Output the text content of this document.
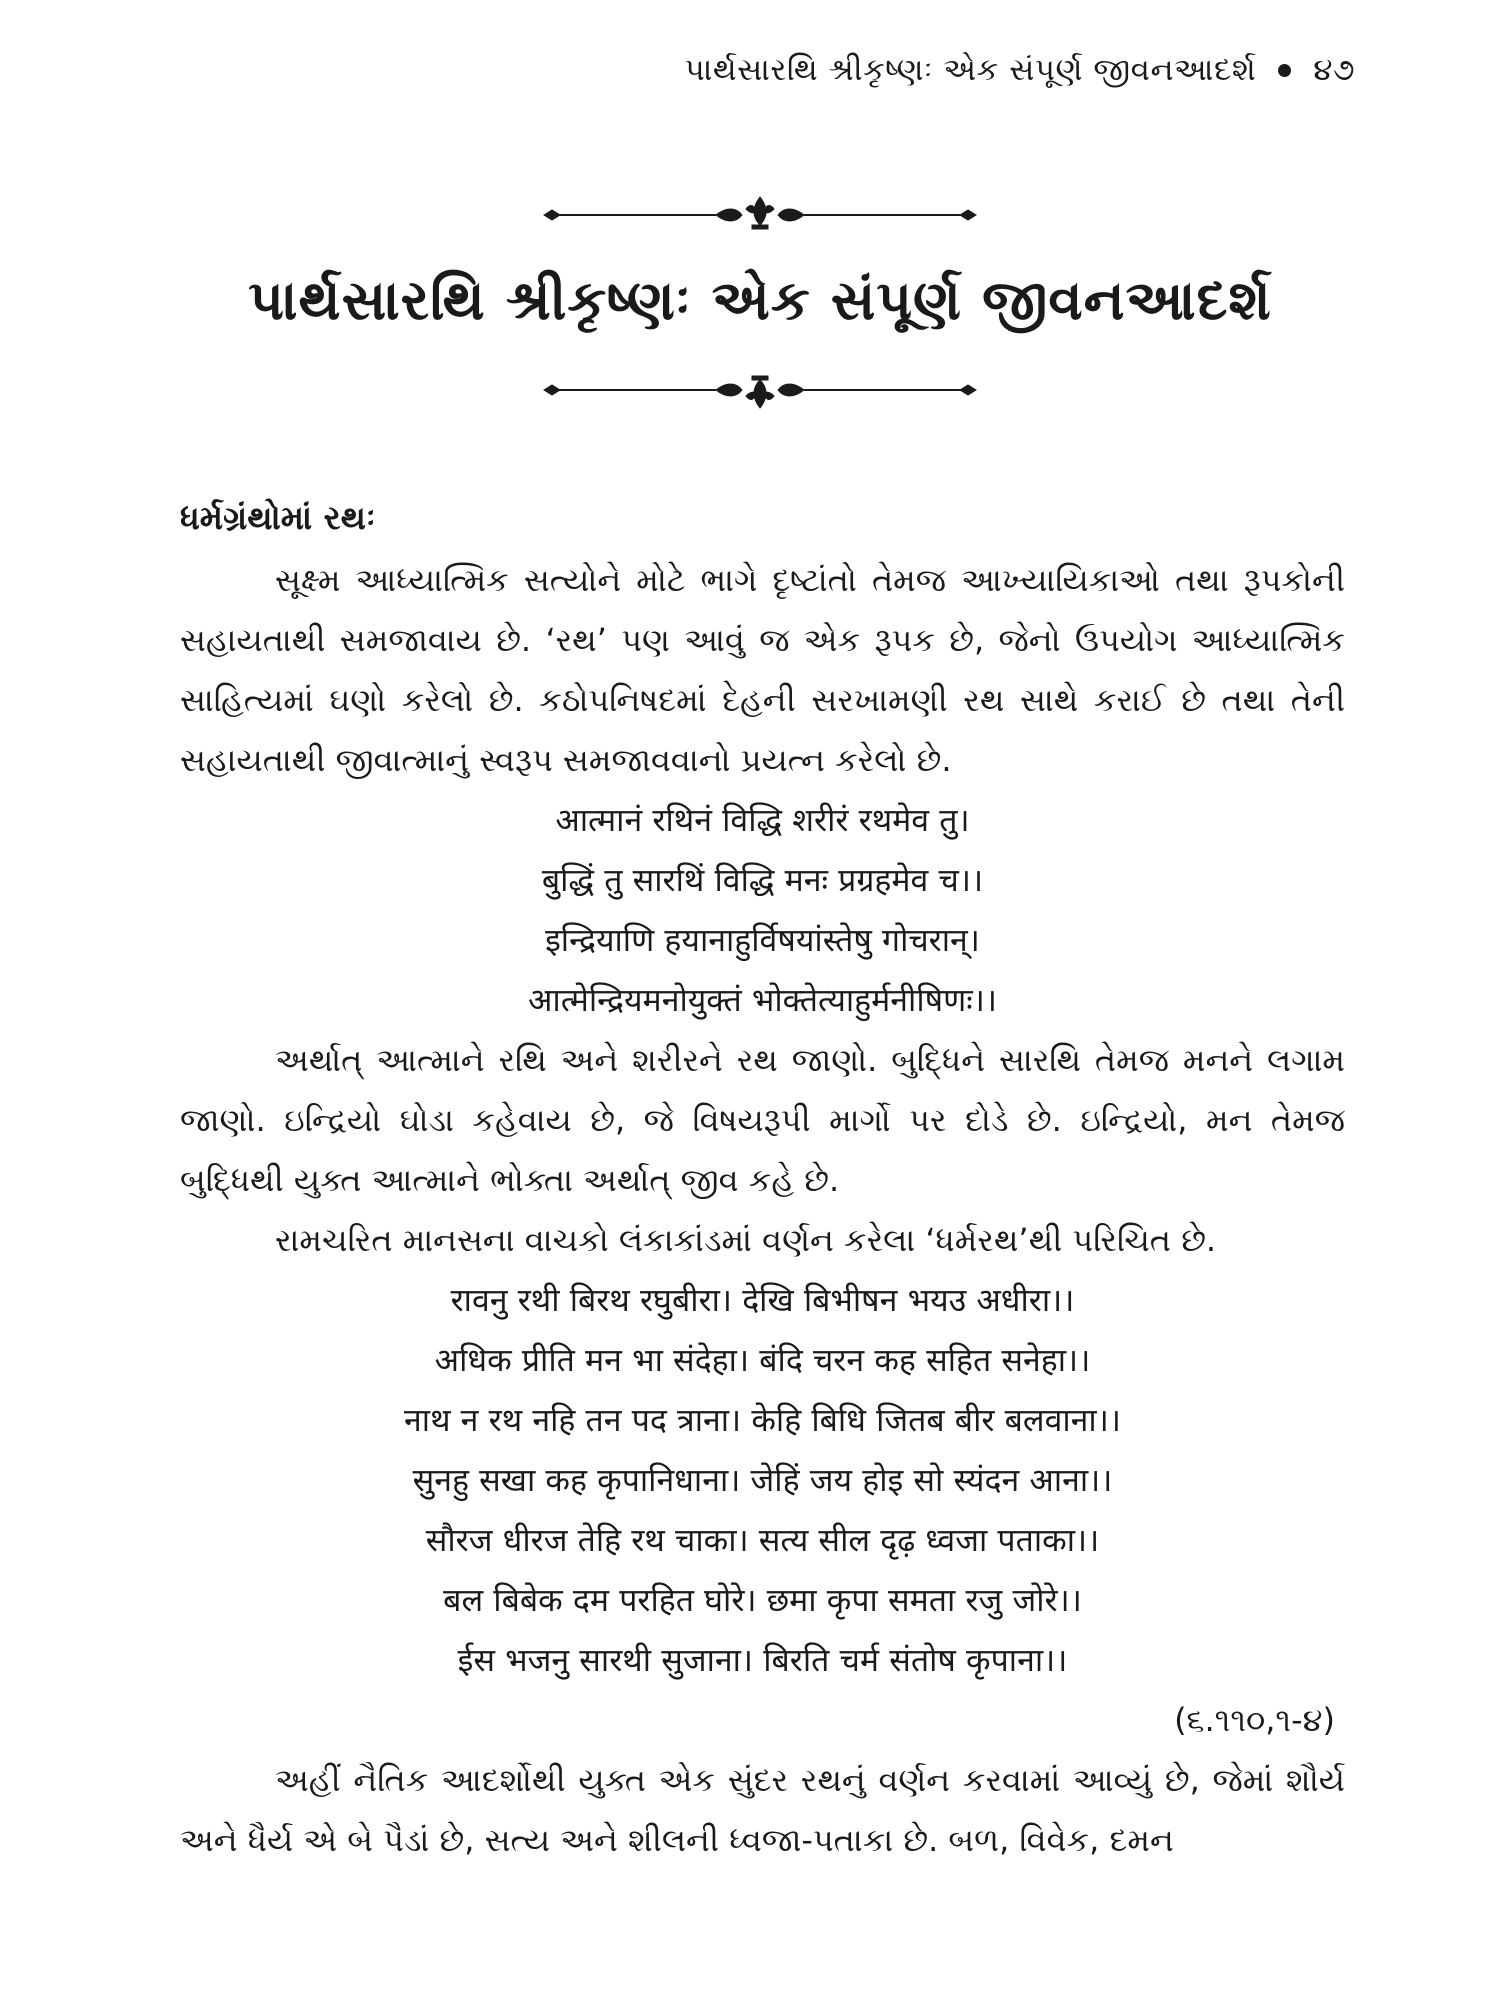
પાર્થસારથિ શ્રીકૃષ્ણઃ એક સંપૂર્ણ જીવનઆદર્શ ૪૭
પાર્થસારથિ શ્રીકૃષ્ણઃ એક સંપૂર્ણ જીવનઆદર્શ
ધર્મગ્રંથોમાં રથઃ

સૂક્ષ્મ આધ્યાત્મિક સત્યોને મોટે ભાગે દૃષ્ટાંતો તેમજ આખ્યાયિકાઓ તથા રૂપકોની સહાયતાથી સમજાવાય છે. ‘રથ’ પણ આવું જ એક રૂપક છે, જેનો ઉપયોગ આધ્યાત્મિક સાહિત્યમાં ઘણો કરેલો છે. કઠોપનિષદમાં દેહની સરખામણી રથ સાથે કરાઈ છે તથા તેની સહાયતાથી જીવાત્માનું સ્વરૂપ સમજાવવાનો પ્રયત્ન કરેલો છે.

आत्मानं रथिनं विद्धि शरीरं रथमेव तु।
बुद्धिं तु सारथिं विद्धि मनः प्रग्रहमेव च।।
इन्द्रियाणि हयानाहुर्विषयांस्तेषु गोचरान्।
आत्मेन्द्रियमनोयुक्तं भोक्तेत्याहुर्मनीषिणः।।

અર્થાત્ આત્માને રથિ અને શરીરને રથ જાણો. બુદ્ધિને સારથિ તેમજ મનને લગામ જાણો. ઇન્દ્રિયો ઘોડા કહેવાય છે, જે વિષયરૂપી માર્ગો પર દોડે છે. ઇન્દ્રિયો, મન તેમજ બુદ્ધિથી યુક્ત આત્માને ભોક્તા અર્થાત્ જીવ કહે છે.

રામચરિત માનસના વાચકો લંકાકાંડમાં વર્ણન કરેલા ‘ધર્મરથ’થી પરિચિત છે.

रावनु रथी बिरथ रघुबीरा। देखि बिभीषन भयउ अधीरा।।
अधिक प्रीति मन भा संदेहा। बंदि चरन कह सहित सनेहा।।
नाथ न रथ नहि तन पद त्राना। केहि बिधि जितब बीर बलवाना।।
सुनहु सखा कह कृपानिधाना। जेहिं जय होइ सो स्यंदन आना।।
सौरज धीरज तेहि रथ चाका। सत्य सील दृढ़ ध्वजा पताका।।
बल बिबेक दम परहित घोरे। छमा कृपा समता रजु जोरे।।
ईस भजनु सारथी सुजाना। बिरति चर्म संतोष कृपाना।।

(૬.૧૧૦,૧-૪)

અહીં નૈતિક આદર્શોથી યુક્ત એક સુંદર રથનું વર્ણન કરવામાં આવ્યું છે, જેમાં શૌર્ય અને ધૈર્ય એ બે પૈડાં છે, સત્ય અને શીલની ધ્વજા-પતાકા છે. બળ, વિવેક, દમન
